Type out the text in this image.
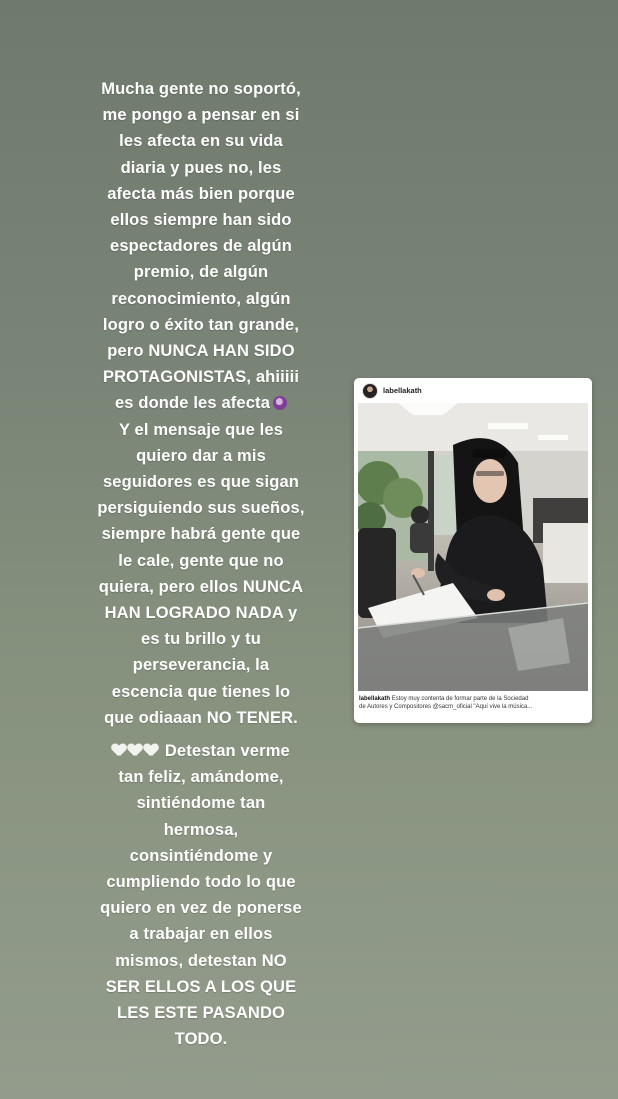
Mucha gente no soportó,
me pongo a pensar en si
les afecta en su vida
diaria y pues no, les
afecta más bien porque
ellos siempre han sido
espectadores de algún
premio, de algún
reconocimiento, algún
logro o éxito tan grande,
pero NUNCA HAN SIDO
PROTAGONISTAS, ahiiiii
es donde les afecta
Y el mensaje que les
quiero dar a mis
seguidores es que sigan
persiguiendo sus sueños,
siempre habrá gente que
le cale, gente que no
quiera, pero ellos NUNCA
HAN LOGRADO NADA y
es tu brillo y tu
perseverancia, la
escencia que tienes lo
que odiaaan NO TENER.
Detestan verme
tan feliz, amándome,
sintiéndome tan
hermosa,
consintiéndome y
cumpliendo todo lo que
quiero en vez de ponerse
a trabajar en ellos
mismos, detestan NO
SER ELLOS A LOS QUE
LES ESTE PASANDO
TODO.
labellakath
labellakath Estoy muy contenta de formar parte de la Sociedad
de Autores y Compositores @sacm_oficial "Aquí vive la música...
